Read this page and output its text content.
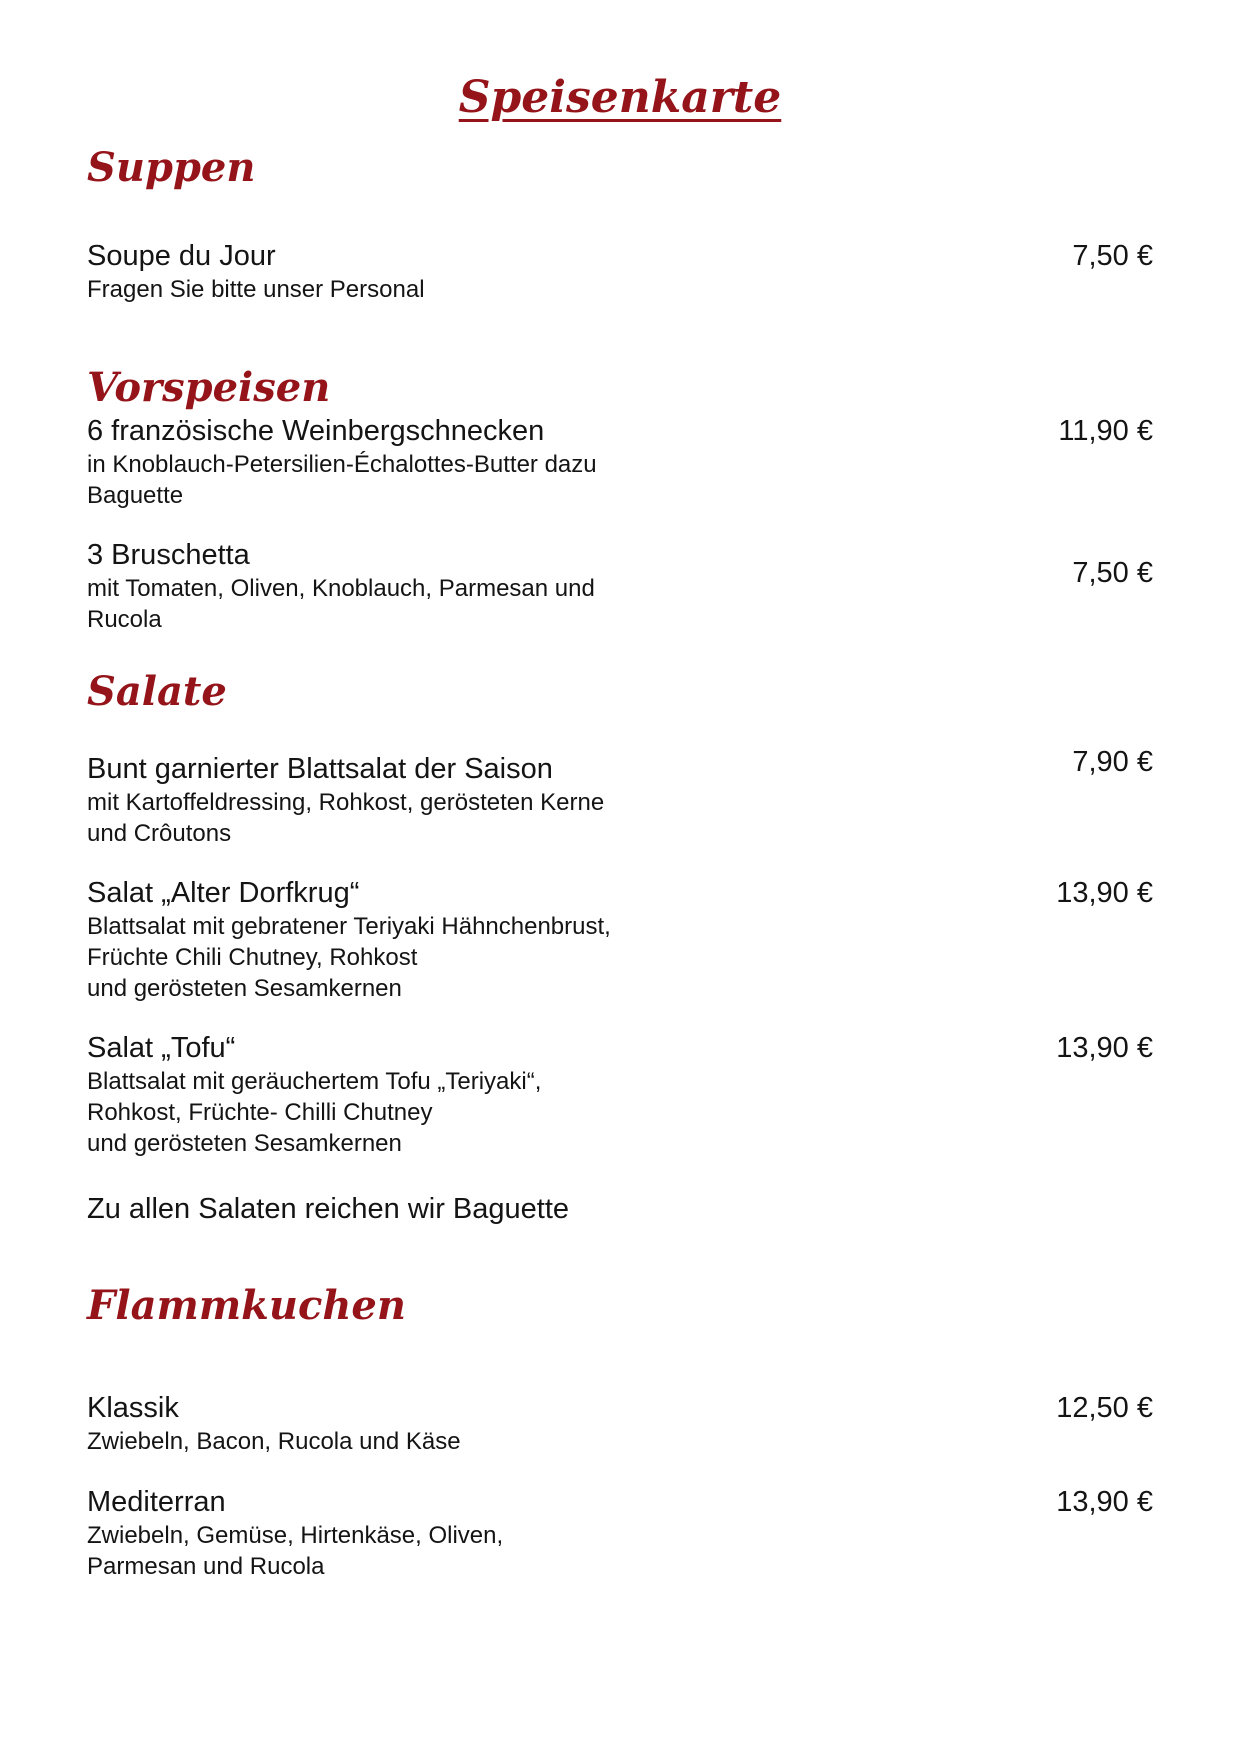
Speisenkarte
Suppen
Soupe du Jour
Fragen Sie bitte unser Personal
7,50 €
Vorspeisen
6 französische Weinbergschnecken
in Knoblauch-Petersilien-Échalottes-Butter dazu
Baguette
11,90 €
3 Bruschetta
mit Tomaten, Oliven, Knoblauch, Parmesan und
Rucola
7,50 €
Salate
Bunt garnierter Blattsalat der Saison
mit Kartoffeldressing, Rohkost, gerösteten Kerne
und Crôutons
7,90 €
Salat „Alter Dorfkrug“
Blattsalat mit gebratener Teriyaki Hähnchenbrust,
Früchte Chili Chutney, Rohkost
und gerösteten Sesamkernen
13,90 €
Salat „Tofu“
Blattsalat mit geräuchertem Tofu „Teriyaki“,
Rohkost, Früchte- Chilli Chutney
und gerösteten Sesamkernen
13,90 €
Zu allen Salaten reichen wir Baguette
Flammkuchen
Klassik
Zwiebeln, Bacon, Rucola und Käse
12,50 €
Mediterran
Zwiebeln, Gemüse, Hirtenkäse, Oliven,
Parmesan und Rucola
13,90 €
